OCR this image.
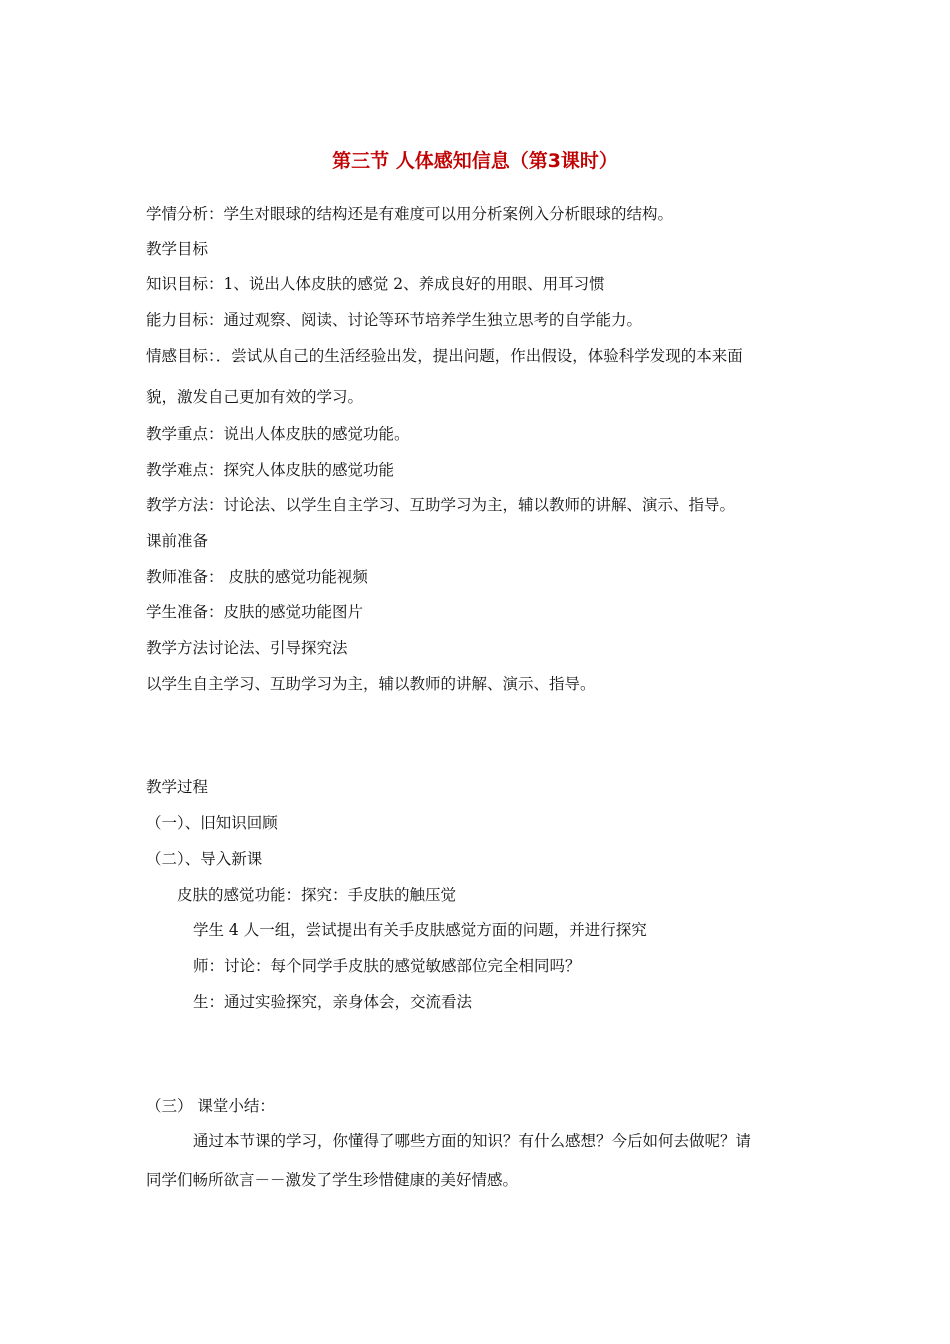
第三节 人体感知信息（第3课时）
学情分析：学生对眼球的结构还是有难度可以用分析案例入分析眼球的结构。
教学目标
知识目标：1、说出人体皮肤的感觉 2、养成良好的用眼、用耳习惯
能力目标：通过观察、阅读、讨论等环节培养学生独立思考的自学能力。
情感目标：．尝试从自己的生活经验出发，提出问题，作出假设，体验科学发现的本来面
貌，激发自己更加有效的学习。
教学重点：说出人体皮肤的感觉功能。
教学难点：探究人体皮肤的感觉功能
教学方法：讨论法、以学生自主学习、互助学习为主，辅以教师的讲解、演示、指导。
课前准备
教师准备： 皮肤的感觉功能视频
学生准备：皮肤的感觉功能图片
教学方法讨论法、引导探究法
以学生自主学习、互助学习为主，辅以教师的讲解、演示、指导。
教学过程
（一）、旧知识回顾
（二）、导入新课
皮肤的感觉功能：探究：手皮肤的触压觉
学生 4 人一组，尝试提出有关手皮肤感觉方面的问题，并进行探究
师：讨论：每个同学手皮肤的感觉敏感部位完全相同吗？
生：通过实验探究，亲身体会，交流看法
（三） 课堂小结：
通过本节课的学习，你懂得了哪些方面的知识？有什么感想？今后如何去做呢？请
同学们畅所欲言－－激发了学生珍惜健康的美好情感。
